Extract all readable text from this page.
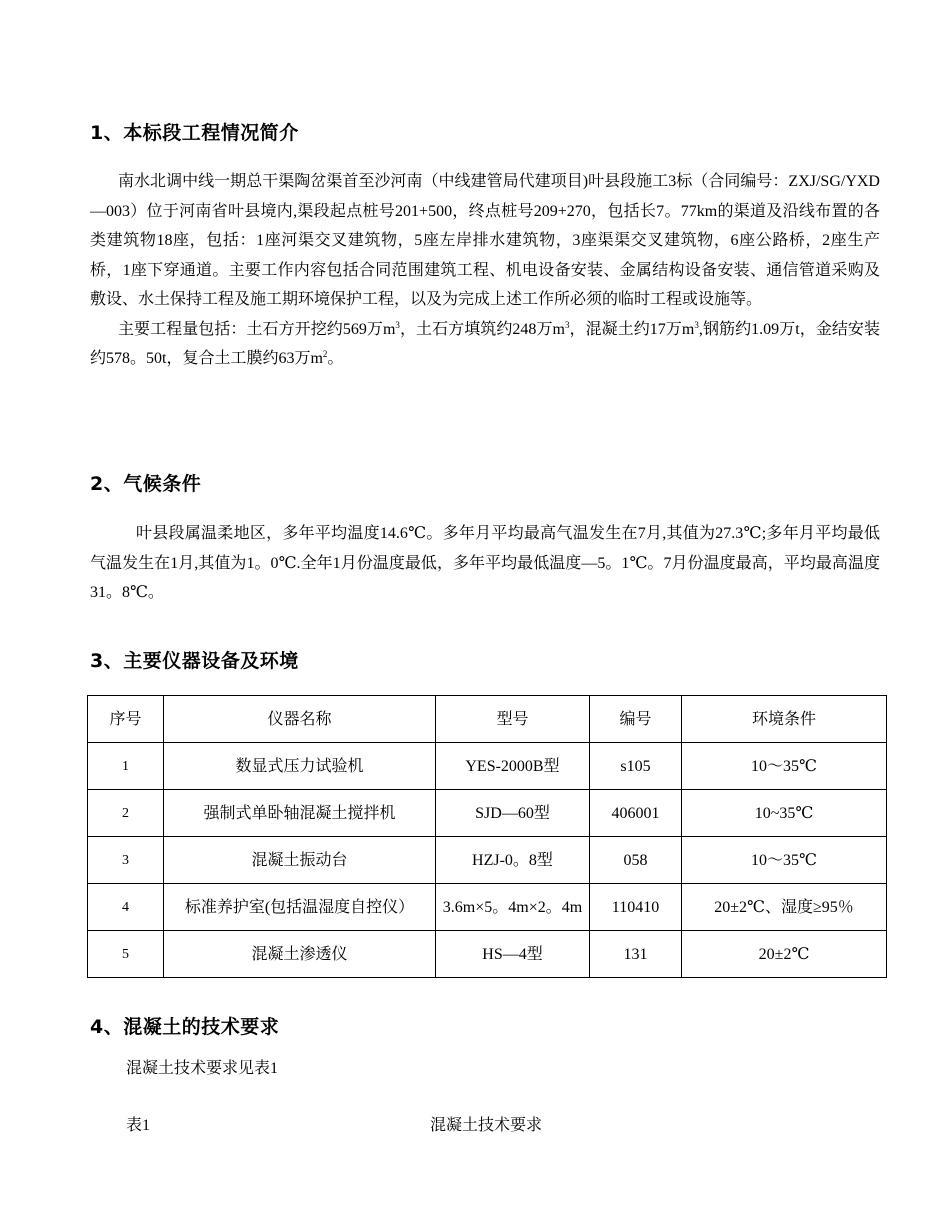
1、本标段工程情况简介

南水北调中线一期总干渠陶岔渠首至沙河南（中线建管局代建项目)叶县段施工3标（合同编号：ZXJ/SG/YXD—003）位于河南省叶县境内,渠段起点桩号201+500，终点桩号209+270，包括长7。77km的渠道及沿线布置的各类建筑物18座，包括：1座河渠交叉建筑物，5座左岸排水建筑物，3座渠渠交叉建筑物，6座公路桥，2座生产桥，1座下穿通道。主要工作内容包括合同范围建筑工程、机电设备安装、金属结构设备安装、通信管道采购及敷设、水土保持工程及施工期环境保护工程，以及为完成上述工作所必须的临时工程或设施等。

主要工程量包括：土石方开挖约569万$m^3$，土石方填筑约248万$m^3$，混凝土约17万$m^3$,钢筋约1.09万t，金结安装约578。50t，复合土工膜约63万$m^2$。

2、气候条件

叶县段属温柔地区，多年平均温度14.6℃。多年月平均最高气温发生在7月,其值为27.3℃;多年月平均最低气温发生在1月,其值为1。0℃.全年1月份温度最低，多年平均最低温度—5。1℃。7月份温度最高，平均最高温度31。8℃。

3、主要仪器设备及环境
序号	仪器名称	型号	编号	环境条件
1	数显式压力试验机	YES-2000B型	s105	10～35℃
2	强制式单卧轴混凝土搅拌机	SJD—60型	406001	10~35℃
3	混凝土振动台	HZJ-0。8型	058	10～35℃
4	标准养护室(包括温湿度自控仪）	3.6m×5。4m×2。4m	110410	20±2℃、湿度≥95％
5	混凝土渗透仪	HS—4型	131	20±2℃
4、混凝土的技术要求
混凝土技术要求见表1
表1	混凝土技术要求
